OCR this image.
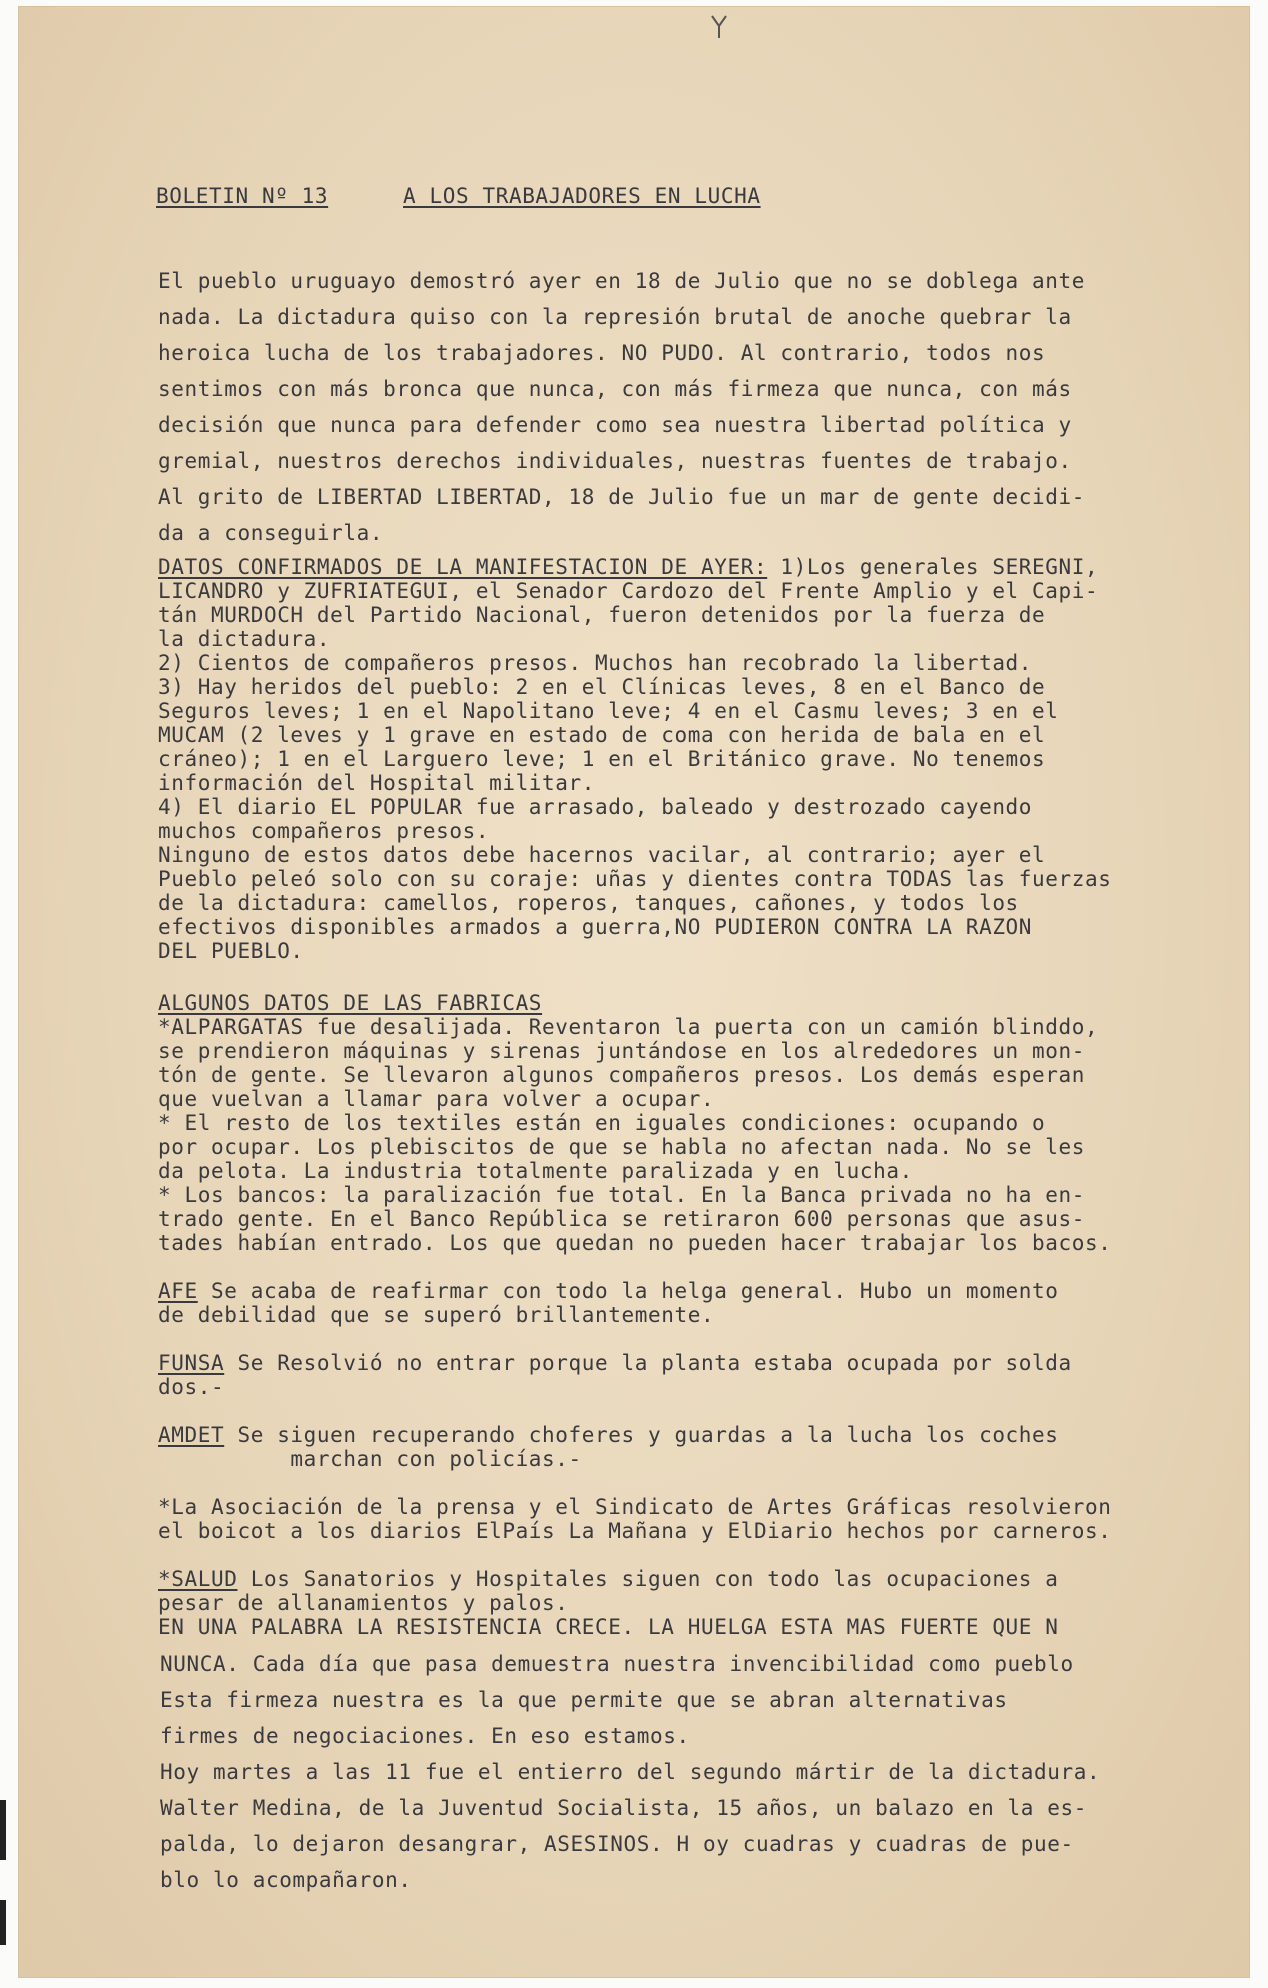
BOLETIN Nº 13	A LOS TRABAJADORES EN LUCHA
El pueblo uruguayo demostró ayer en 18 de Julio que no se doblega ante
nada. La dictadura quiso con la represión brutal de anoche quebrar la
heroica lucha de los trabajadores. NO PUDO. Al contrario, todos nos
sentimos con más bronca que nunca, con más firmeza que nunca, con más
decisión que nunca para defender como sea nuestra libertad política y
gremial, nuestros derechos individuales, nuestras fuentes de trabajo.
Al grito de LIBERTAD LIBERTAD, 18 de Julio fue un mar de gente decidi-
da a conseguirla.
DATOS CONFIRMADOS DE LA MANIFESTACION DE AYER: 1)Los generales SEREGNI,
LICANDRO y ZUFRIATEGUI, el Senador Cardozo del Frente Amplio y el Capi-
tán MURDOCH del Partido Nacional, fueron detenidos por la fuerza de
la dictadura.
2) Cientos de compañeros presos. Muchos han recobrado la libertad.
3) Hay heridos del pueblo: 2 en el Clínicas leves, 8 en el Banco de
Seguros leves; 1 en el Napolitano leve; 4 en el Casmu leves; 3 en el
MUCAM (2 leves y 1 grave en estado de coma con herida de bala en el
cráneo); 1 en el Larguero leve; 1 en el Británico grave. No tenemos
información del Hospital militar.
4) El diario EL POPULAR fue arrasado, baleado y destrozado cayendo
muchos compañeros presos.
Ninguno de estos datos debe hacernos vacilar, al contrario; ayer el
Pueblo peleó solo con su coraje: uñas y dientes contra TODAS las fuerzas
de la dictadura: camellos, roperos, tanques, cañones, y todos los
efectivos disponibles armados a guerra,NO PUDIERON CONTRA LA RAZON
DEL PUEBLO.
ALGUNOS DATOS DE LAS FABRICAS
*ALPARGATAS fue desalijada. Reventaron la puerta con un camión blinddo,
se prendieron máquinas y sirenas juntándose en los alrededores un mon-
tón de gente. Se llevaron algunos compañeros presos. Los demás esperan
que vuelvan a llamar para volver a ocupar.
* El resto de los textiles están en iguales condiciones: ocupando o
por ocupar. Los plebiscitos de que se habla no afectan nada. No se les
da pelota. La industria totalmente paralizada y en lucha.
* Los bancos: la paralización fue total. En la Banca privada no ha en-
trado gente. En el Banco República se retiraron 600 personas que asus-
tades habían entrado. Los que quedan no pueden hacer trabajar los bacos.
AFE Se acaba de reafirmar con todo la helga general. Hubo un momento
de debilidad que se superó brillantemente.
FUNSA Se Resolvió no entrar porque la planta estaba ocupada por solda
dos.-
AMDET Se siguen recuperando choferes y guardas a la lucha los coches
marchan con policías.-
*La Asociación de la prensa y el Sindicato de Artes Gráficas resolvieron
el boicot a los diarios ElPaís La Mañana y ElDiario hechos por carneros.
*SALUD Los Sanatorios y Hospitales siguen con todo las ocupaciones a
pesar de allanamientos y palos.
EN UNA PALABRA LA RESISTENCIA CRECE. LA HUELGA ESTA MAS FUERTE QUE N
NUNCA. Cada día que pasa demuestra nuestra invencibilidad como pueblo
Esta firmeza nuestra es la que permite que se abran alternativas
firmes de negociaciones. En eso estamos.
Hoy martes a las 11 fue el entierro del segundo mártir de la dictadura.
Walter Medina, de la Juventud Socialista, 15 años, un balazo en la es-
palda, lo dejaron desangrar, ASESINOS. H oy cuadras y cuadras de pue-
blo lo acompañaron.
